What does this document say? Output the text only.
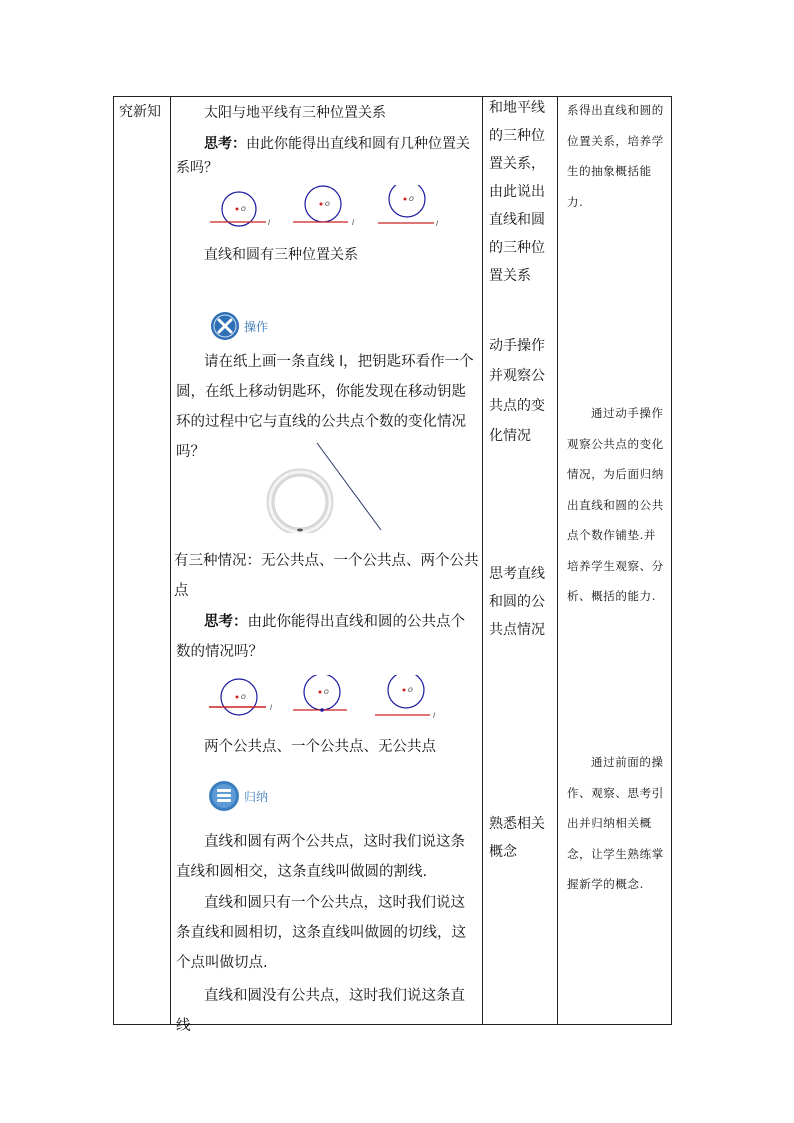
究新知	太阳与地平线有三种位置关系
思考：由此你能得出直线和圆有几种位置关系吗？
O
l
O
l
O
l
直线和圆有三种位置关系
操作
请在纸上画一条直线 l，把钥匙环看作一个圆，在纸上移动钥匙环，你能发现在移动钥匙环的过程中它与直线的公共点个数的变化情况吗？
有三种情况：无公共点、一个公共点、两个公共点
思考：由此你能得出直线和圆的公共点个数的情况吗？
O
l
O	O
l
两个公共点、一个公共点、无公共点
归纳
直线和圆有两个公共点，这时我们说这条直线和圆相交，这条直线叫做圆的割线.
直线和圆只有一个公共点，这时我们说这条直线和圆相切，这条直线叫做圆的切线，这个点叫做切点.
直线和圆没有公共点，这时我们说这条直线
和地平线的三种位置关系，由此说出直线和圆的三种位置关系
动手操作并观察公共点的变化情况
思考直线和圆的公共点情况
熟悉相关概念
系得出直线和圆的位置关系，培养学生的抽象概括能力.
通过动手操作观察公共点的变化情况，为后面归纳出直线和圆的公共点个数作铺垫.并培养学生观察、分析、概括的能力.
通过前面的操作、观察、思考引出并归纳相关概念，让学生熟练掌握新学的概念.
